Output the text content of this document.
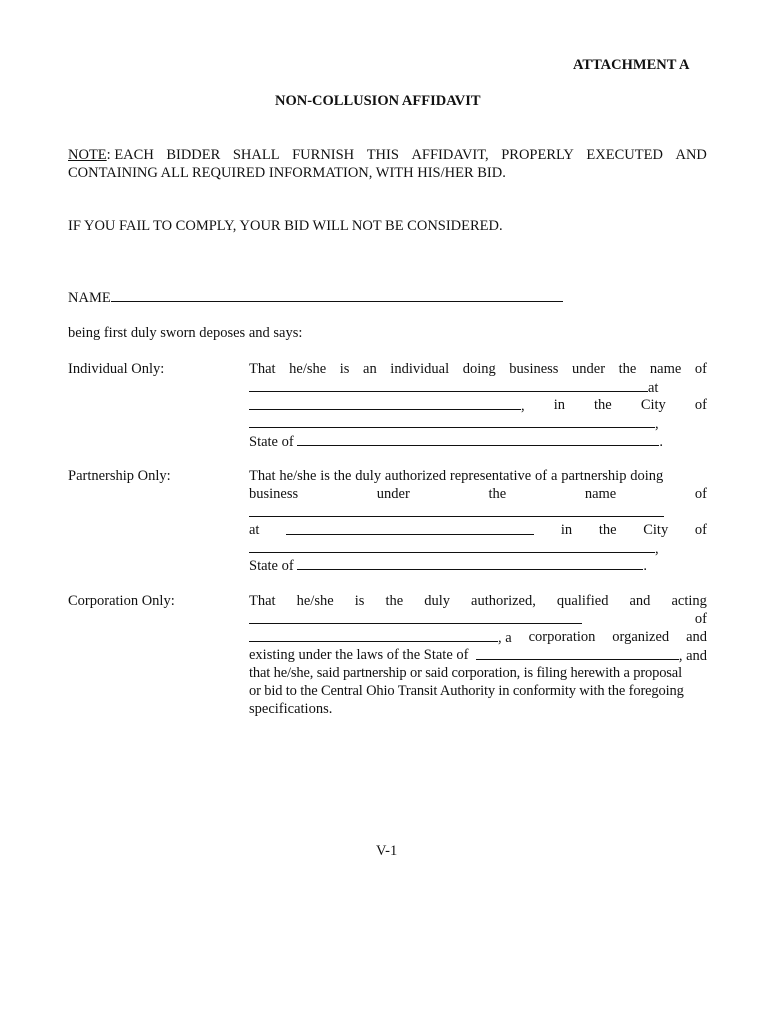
ATTACHMENT A
NON-COLLUSION AFFIDAVIT
NOTE: EACH BIDDER SHALL FURNISH THIS AFFIDAVIT, PROPERLY EXECUTED AND
CONTAINING ALL REQUIRED INFORMATION, WITH HIS/HER BID.
IF YOU FAIL TO COMPLY, YOUR BID WILL NOT BE CONSIDERED.
NAME
being first duly sworn deposes and says:
Individual Only:	That he/she is an individual doing business under the name of
at
, in the City of
,
State of	.
Partnership Only:	That he/she is the duly authorized representative of a partnership doing
business	under	the	name	of
at	in the City of
,
State of	.
Corporation Only:	That he/she is the duly authorized, qualified and acting
of
, a corporation organized and
existing under the laws of the State of	, and
that he/she, said partnership or said corporation, is filing herewith a proposal
or bid to the Central Ohio Transit Authority in conformity with the foregoing
specifications.
V-1
